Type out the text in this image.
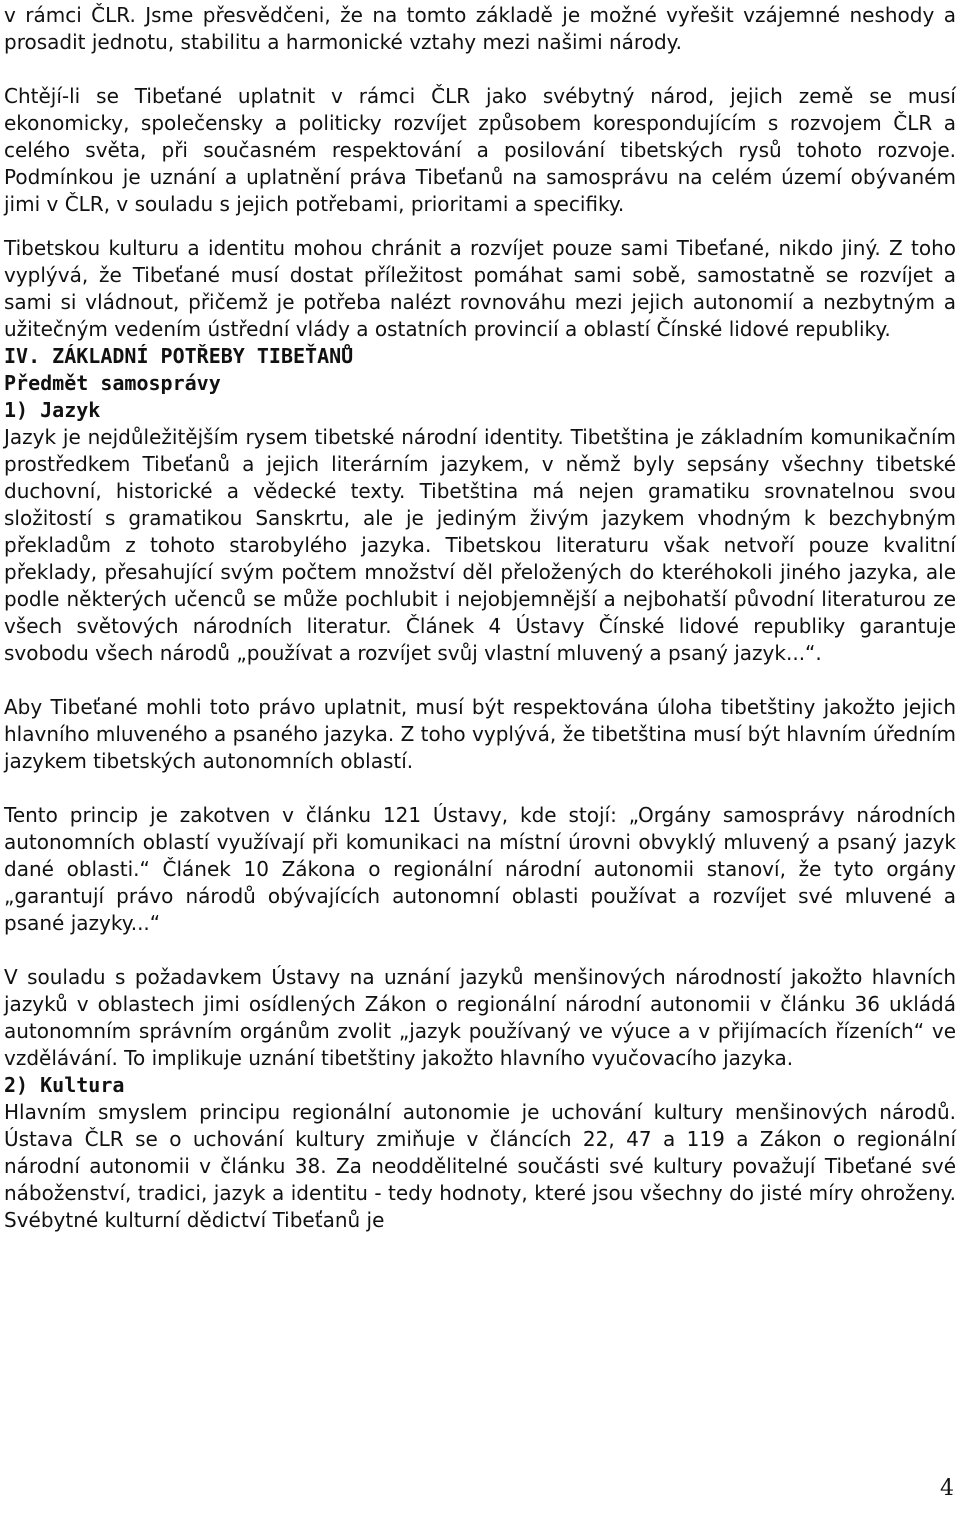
v rámci ČLR. Jsme přesvědčeni, že na tomto základě je možné vyřešit vzájemné neshody a prosadit jednotu, stabilitu a harmonické vztahy mezi našimi národy.

Chtějí-li se Tibeťané uplatnit v rámci ČLR jako svébytný národ, jejich země se musí ekonomicky, společensky a politicky rozvíjet způsobem korespondujícím s rozvojem ČLR a celého světa, při současném respektování a posilování tibetských rysů tohoto rozvoje. Podmínkou je uznání a uplatnění práva Tibeťanů na samosprávu na celém území obývaném jimi v ČLR, v souladu s jejich potřebami, prioritami a specifiky.

Tibetskou kulturu a identitu mohou chránit a rozvíjet pouze sami Tibeťané, nikdo jiný. Z toho vyplývá, že Tibeťané musí dostat příležitost pomáhat sami sobě, samostatně se rozvíjet a sami si vládnout, přičemž je potřeba nalézt rovnováhu mezi jejich autonomií a nezbytným a užitečným vedením ústřední vlády a ostatních provincií a oblastí Čínské lidové republiky.

IV. ZÁKLADNÍ POTŘEBY TIBEŤANŮ
Předmět samosprávy
1) Jazyk

Jazyk je nejdůležitějším rysem tibetské národní identity. Tibetština je základním komunikačním prostředkem Tibeťanů a jejich literárním jazykem, v němž byly sepsány všechny tibetské duchovní, historické a vědecké texty. Tibetština má nejen gramatiku srovnatelnou svou složitostí s gramatikou Sanskrtu, ale je jediným živým jazykem vhodným k bezchybným překladům z tohoto starobylého jazyka. Tibetskou literaturu však netvoří pouze kvalitní překlady, přesahující svým počtem množství děl přeložených do kteréhokoli jiného jazyka, ale podle některých učenců se může pochlubit i nejobjemnější a nejbohatší původní literaturou ze všech světových národních literatur. Článek 4 Ústavy Čínské lidové republiky garantuje svobodu všech národů „používat a rozvíjet svůj vlastní mluvený a psaný jazyk...“.

Aby Tibeťané mohli toto právo uplatnit, musí být respektována úloha tibetštiny jakožto jejich hlavního mluveného a psaného jazyka. Z toho vyplývá, že tibetština musí být hlavním úředním jazykem tibetských autonomních oblastí.

Tento princip je zakotven v článku 121 Ústavy, kde stojí: „Orgány samosprávy národních autonomních oblastí využívají při komunikaci na místní úrovni obvyklý mluvený a psaný jazyk dané oblasti.“ Článek 10 Zákona o regionální národní autonomii stanoví, že tyto orgány „garantují právo národů obývajících autonomní oblasti používat a rozvíjet své mluvené a psané jazyky...“

V souladu s požadavkem Ústavy na uznání jazyků menšinových národností jakožto hlavních jazyků v oblastech jimi osídlených Zákon o regionální národní autonomii v článku 36 ukládá autonomním správním orgánům zvolit „jazyk používaný ve výuce a v přijímacích řízeních“ ve vzdělávání. To implikuje uznání tibetštiny jakožto hlavního vyučovacího jazyka.

2) Kultura

Hlavním smyslem principu regionální autonomie je uchování kultury menšinových národů. Ústava ČLR se o uchování kultury zmiňuje v článcích 22, 47 a 119 a Zákon o regionální národní autonomii v článku 38. Za neoddělitelné součásti své kultury považují Tibeťané své náboženství, tradici, jazyk a identitu - tedy hodnoty, které jsou všechny do jisté míry ohroženy. Svébytné kulturní dědictví Tibeťanů je

4
